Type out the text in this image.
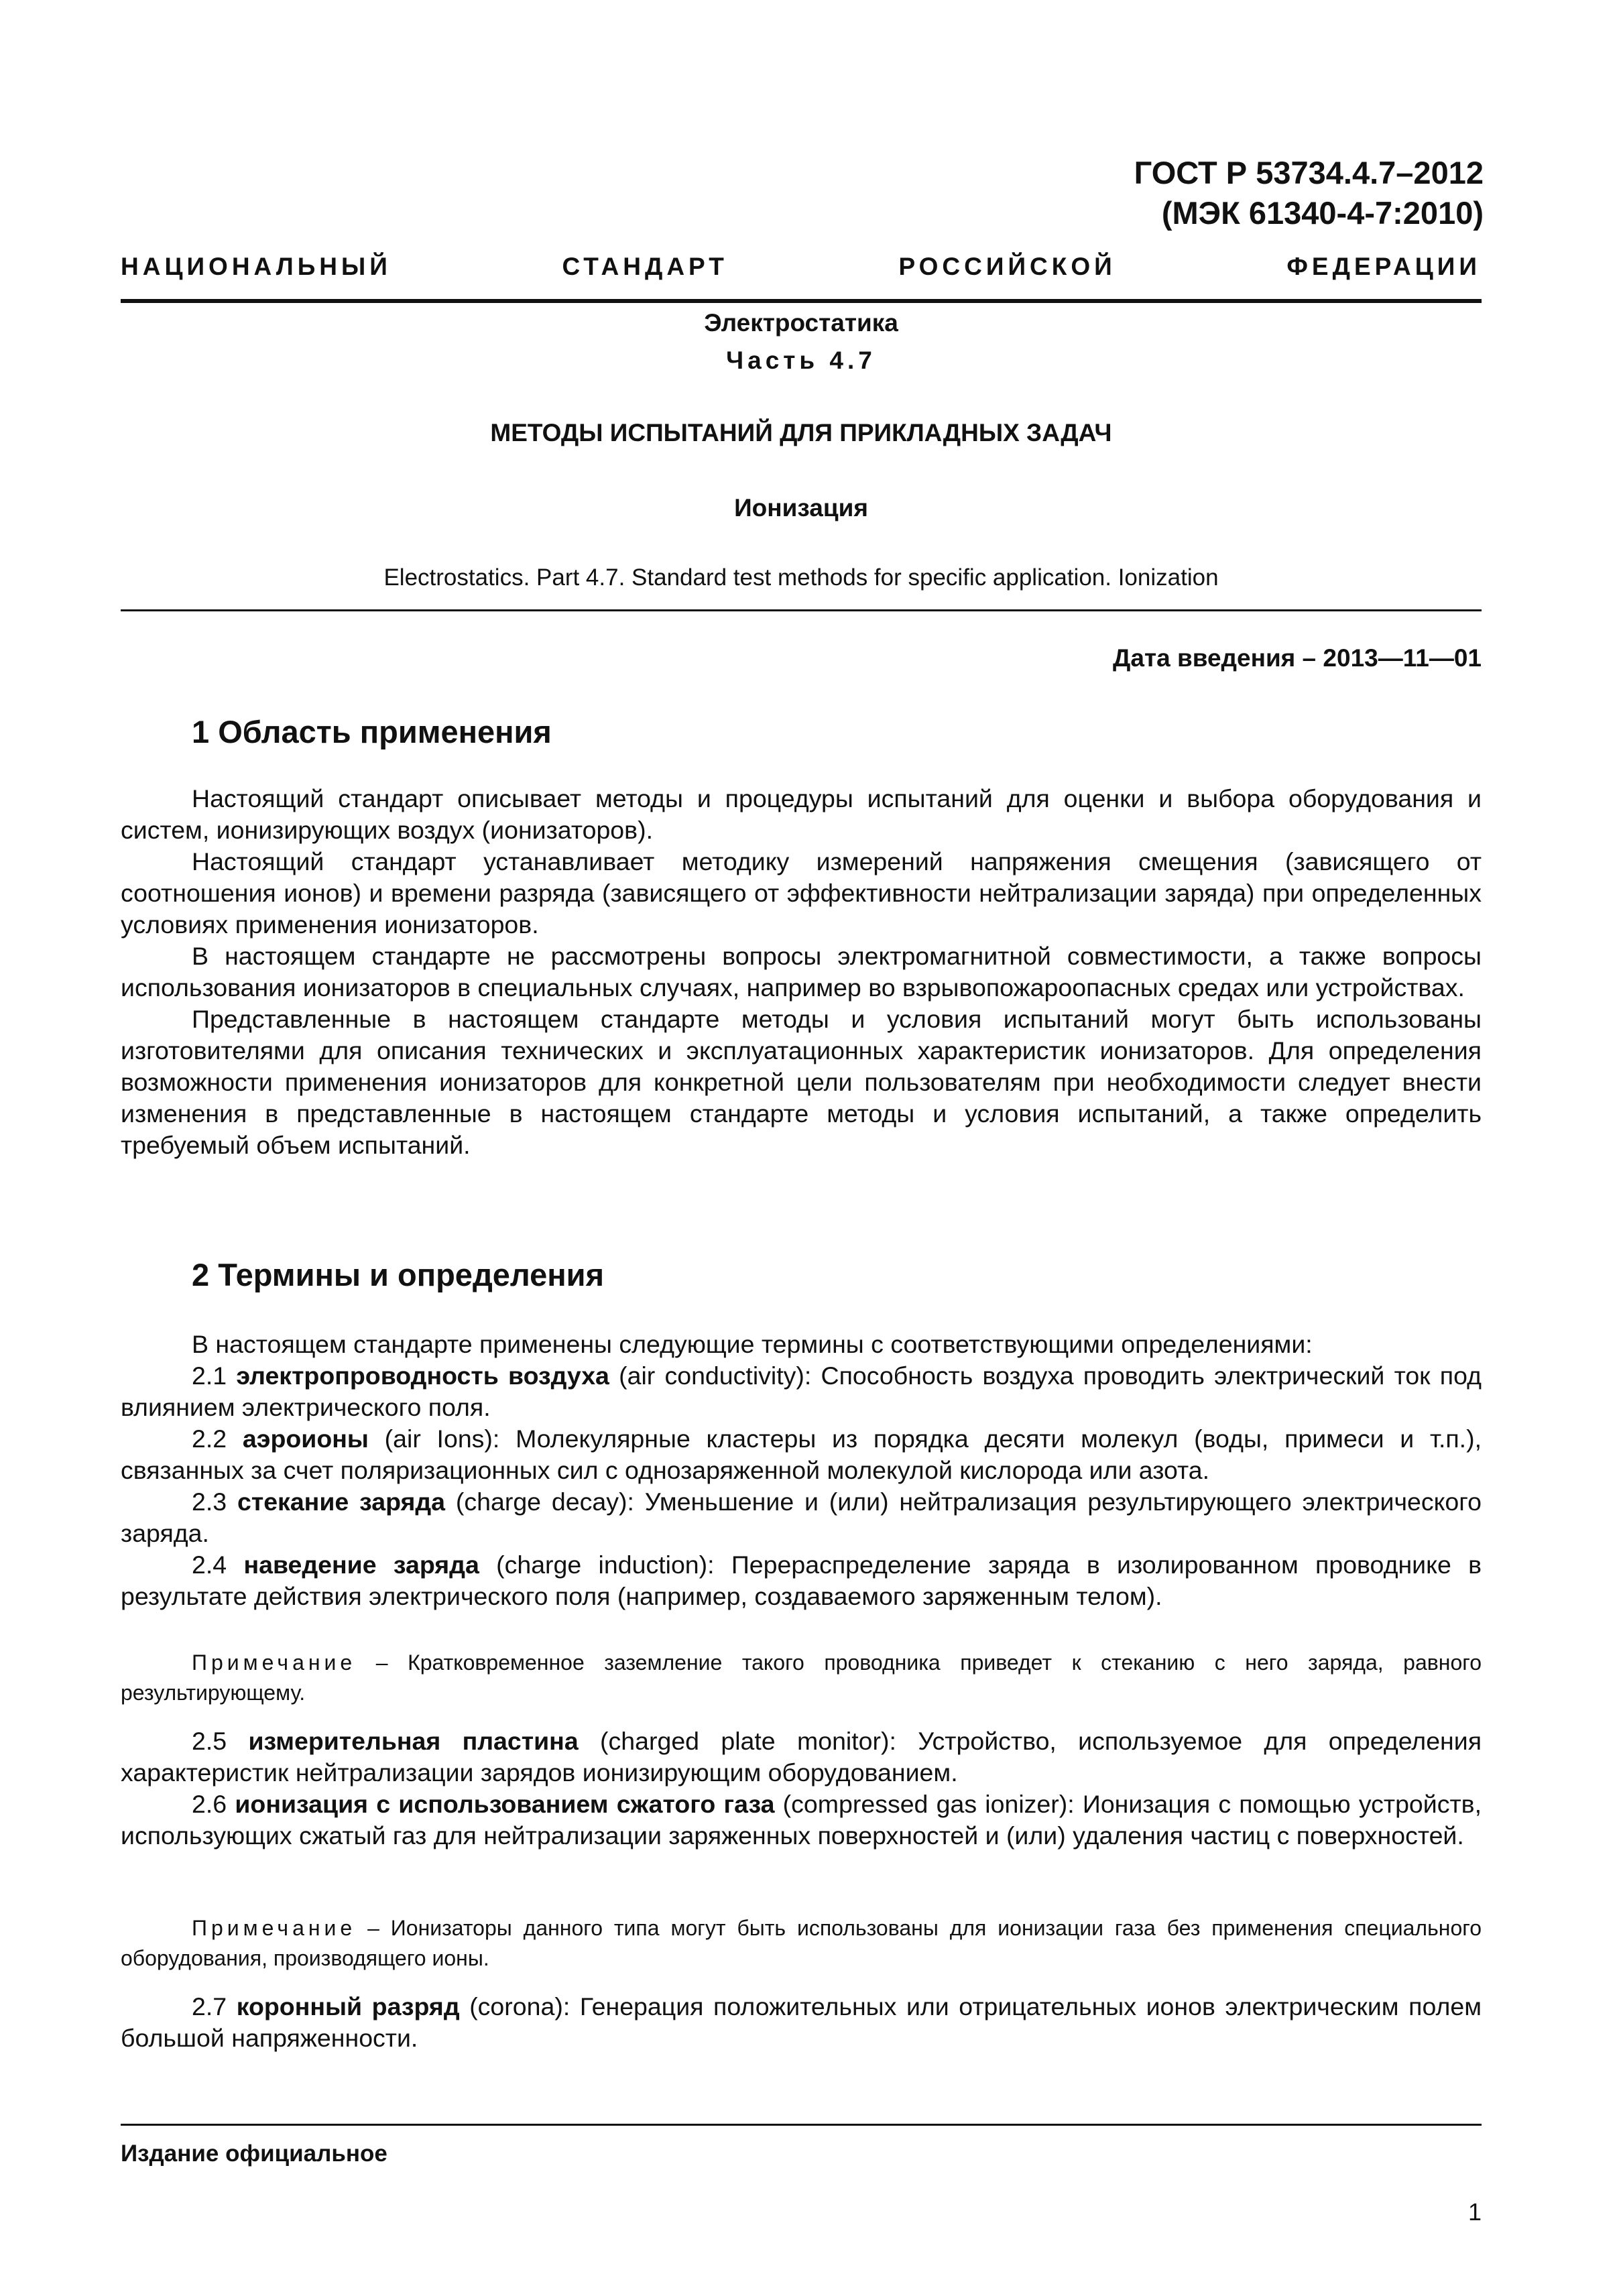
ГОСТ Р 53734.4.7–2012
(МЭК 61340-4-7:2010)
НАЦИОНАЛЬНЫЙ СТАНДАРТ РОССИЙСКОЙ ФЕДЕРАЦИИ
Электростатика
Часть 4.7
МЕТОДЫ ИСПЫТАНИЙ ДЛЯ ПРИКЛАДНЫХ ЗАДАЧ
Ионизация
Electrostatics. Part 4.7. Standard test methods for specific application. Ionization
Дата введения – 2013—11—01
1 Область применения

Настоящий стандарт описывает методы и процедуры испытаний для оценки и выбора оборудования и систем, ионизирующих воздух (ионизаторов).

Настоящий стандарт устанавливает методику измерений напряжения смещения (зависящего от соотношения ионов) и времени разряда (зависящего от эффективности нейтрализации заряда) при определенных условиях применения ионизаторов.

В настоящем стандарте не рассмотрены вопросы электромагнитной совместимости, а также вопросы использования ионизаторов в специальных случаях, например во взрывопожароопасных средах или устройствах.

Представленные в настоящем стандарте методы и условия испытаний могут быть использованы изготовителями для описания технических и эксплуатационных характеристик ионизаторов. Для определения возможности применения ионизаторов для конкретной цели пользователям при необходимости следует внести изменения в представленные в настоящем стандарте методы и условия испытаний, а также определить требуемый объем испытаний.

2 Термины и определения

В настоящем стандарте применены следующие термины с соответствующими определениями:

2.1 электропроводность воздуха (air conductivity): Способность воздуха проводить электрический ток под влиянием электрического поля.

2.2 аэроионы (air Ions): Молекулярные кластеры из порядка десяти молекул (воды, примеси и т.п.), связанных за счет поляризационных сил с однозаряженной молекулой кислорода или азота.

2.3 стекание заряда (charge decay): Уменьшение и (или) нейтрализация результирующего электрического заряда.

2.4 наведение заряда (charge induction): Перераспределение заряда в изолированном проводнике в результате действия электрического поля (например, создаваемого заряженным телом).

Примечание – Кратковременное заземление такого проводника приведет к стеканию с него заряда, равного результирующему.

2.5 измерительная пластина (charged plate monitor): Устройство, используемое для определения характеристик нейтрализации зарядов ионизирующим оборудованием.

2.6 ионизация с использованием сжатого газа (compressed gas ionizer): Ионизация с помощью устройств, использующих сжатый газ для нейтрализации заряженных поверхностей и (или) удаления частиц с поверхностей.

Примечание – Ионизаторы данного типа могут быть использованы для ионизации газа без применения специального оборудования, производящего ионы.

2.7 коронный разряд (corona): Генерация положительных или отрицательных ионов электрическим полем большой напряженности.

Издание официальное
1
